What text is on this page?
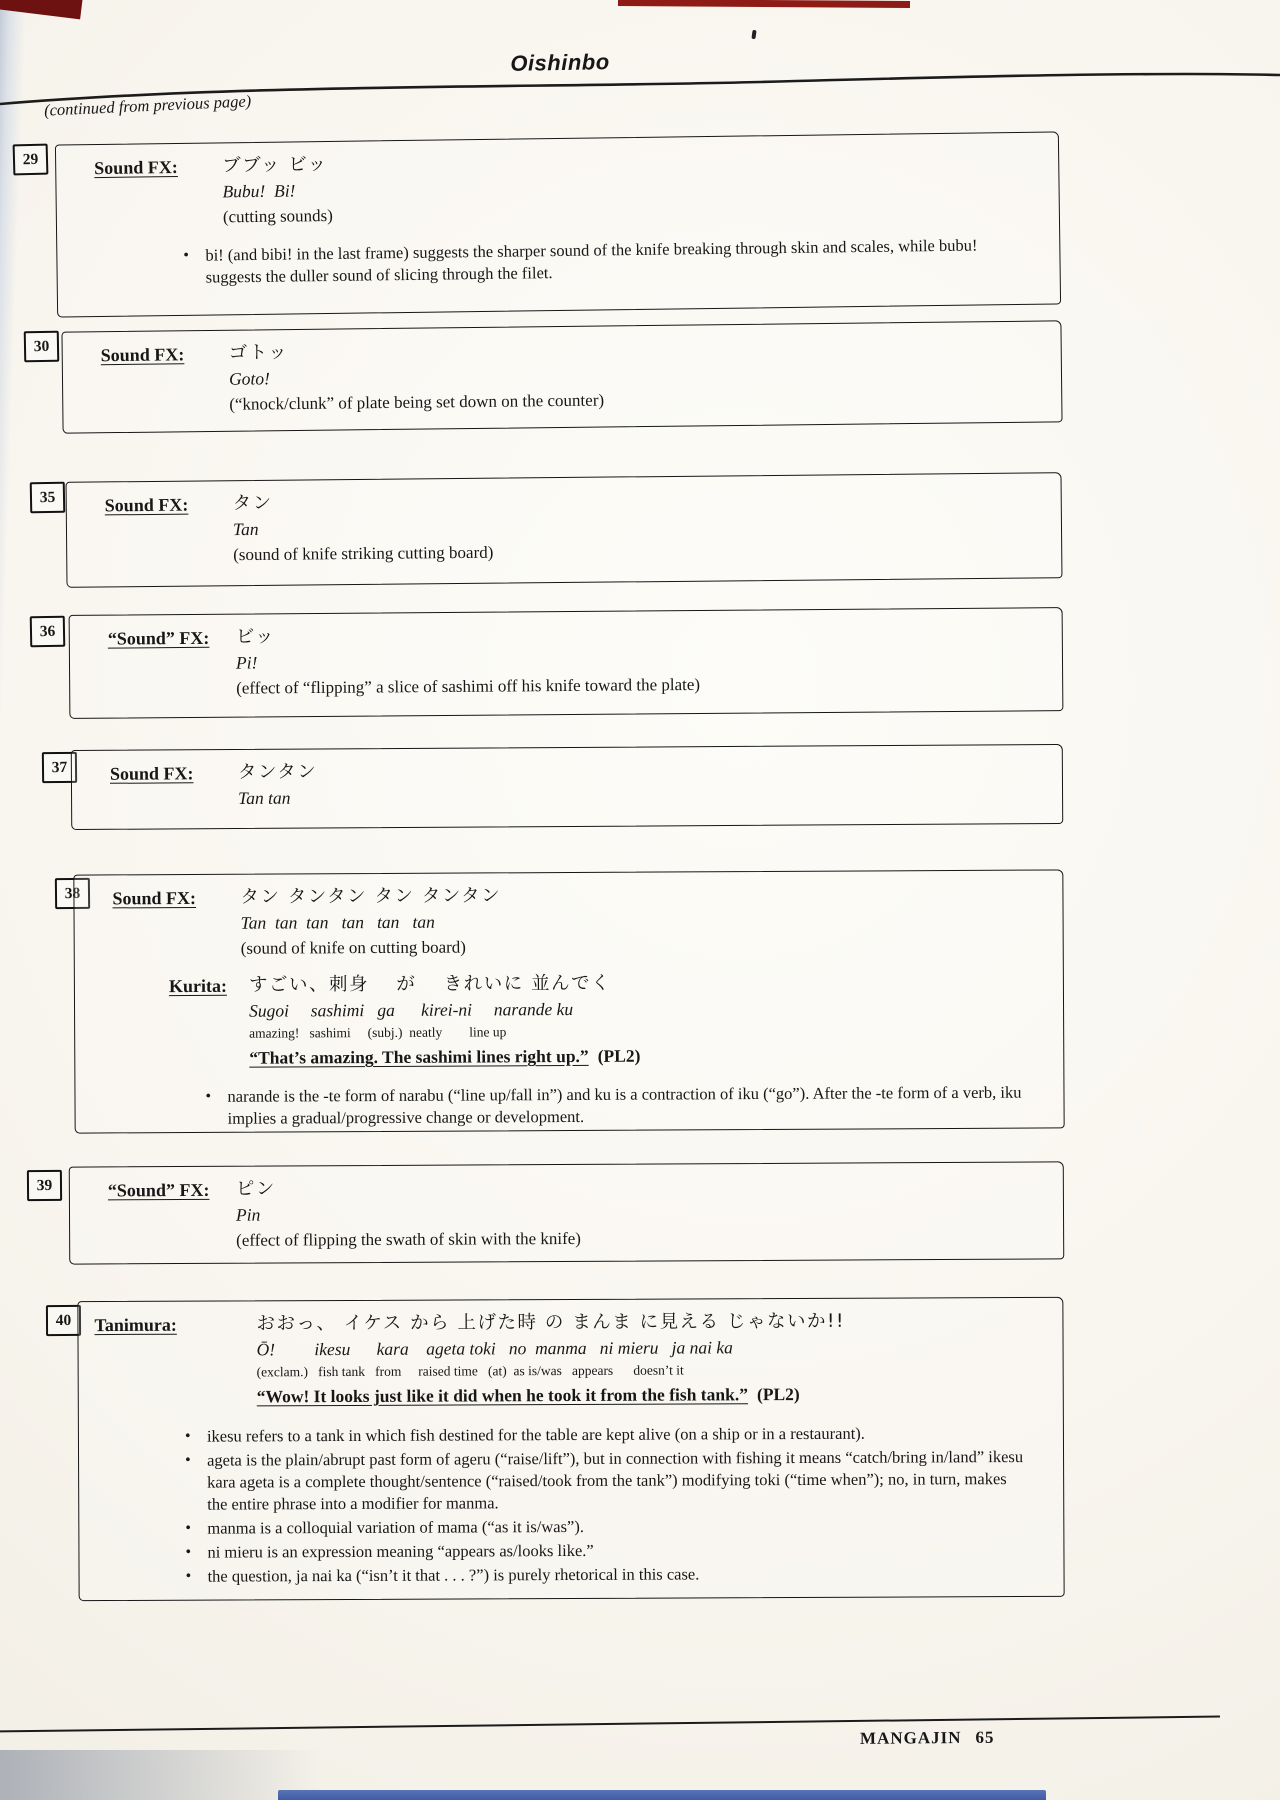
Oishinbo
(continued from previous page)
29	Sound FX:	ブブッ ビッ
Bubu!  Bi!
(cutting sounds)
• bi! (and bibi! in the last frame) suggests the sharper sound of the knife breaking through skin and scales, while bubu! suggests the duller sound of slicing through the filet.
30	Sound FX:	ゴトッ
Goto!
(“knock/clunk” of plate being set down on the counter)
35	Sound FX:	タン
Tan
(sound of knife striking cutting board)
36	“Sound” FX:	ビッ
Pi!
(effect of “flipping” a slice of sashimi off his knife toward the plate)
37	Sound FX:	タンタン
Tan tan
38	Sound FX:	タン タンタン タン タンタン
Tan  tan  tan   tan   tan   tan
(sound of knife on cutting board)
Kurita:	すごい、刺身　 が　 きれいに 並んでく
Sugoi     sashimi   ga      kirei-ni     narande ku
amazing!   sashimi     (subj.)  neatly        line up
“That’s amazing. The sashimi lines right up.” (PL2)
• narande is the -te form of narabu (“line up/fall in”) and ku is a contraction of iku (“go”). After the -te form of a verb, iku implies a gradual/progressive change or development.
39	“Sound” FX:	ピン
Pin
(effect of flipping the swath of skin with the knife)
40	Tanimura:	おおっ、 イケス から 上げた時 の まんま に見える じゃないか!!
Ō!         ikesu      kara    ageta toki   no  manma   ni mieru   ja nai ka
(exclam.)   fish tank   from     raised time   (at)  as is/was   appears      doesn’t it
“Wow! It looks just like it did when he took it from the fish tank.” (PL2)
• ikesu refers to a tank in which fish destined for the table are kept alive (on a ship or in a restaurant).
• ageta is the plain/abrupt past form of ageru (“raise/lift”), but in connection with fishing it means “catch/bring in/land” ikesu kara ageta is a complete thought/sentence (“raised/took from the tank”) modifying toki (“time when”); no, in turn, makes the entire phrase into a modifier for manma.
• manma is a colloquial variation of mama (“as it is/was”).
• ni mieru is an expression meaning “appears as/looks like.”
• the question, ja nai ka (“isn’t it that . . . ?”) is purely rhetorical in this case.
MANGAJIN 65
